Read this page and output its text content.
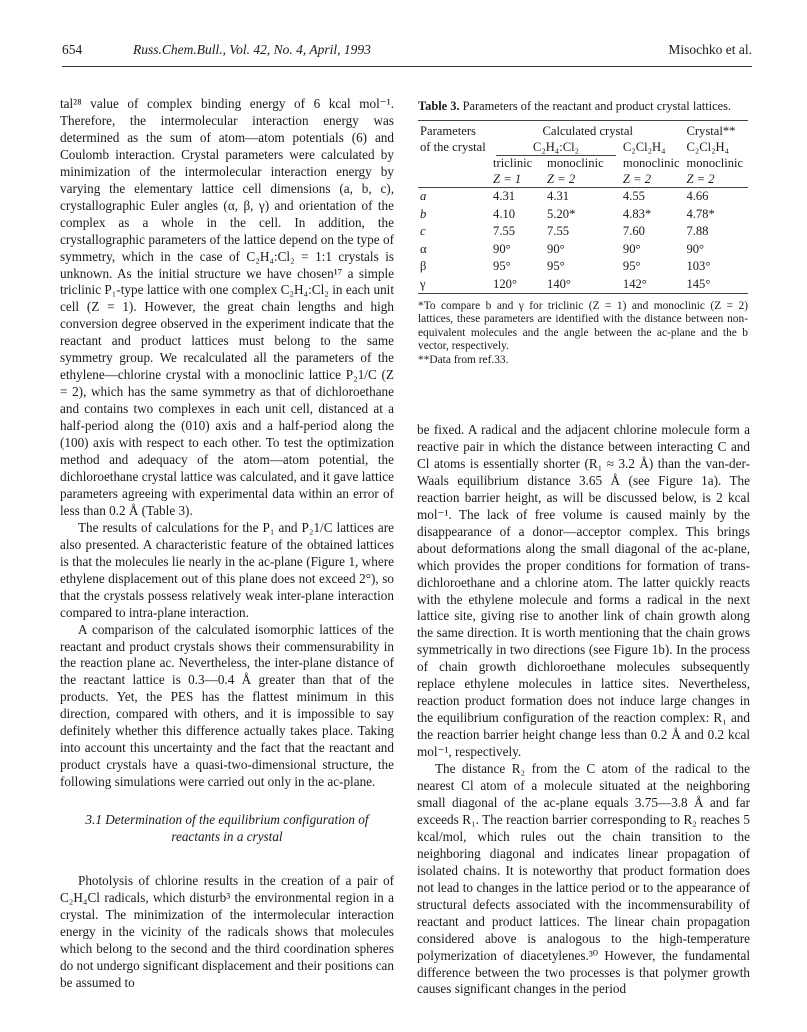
654	Russ.Chem.Bull., Vol. 42, No. 4, April, 1993	Misochko et al.

tal²⁸ value of complex binding energy of 6 kcal mol⁻¹. Therefore, the intermolecular interaction energy was determined as the sum of atom—atom potentials (6) and Coulomb interaction. Crystal parameters were calculated by minimization of the intermolecular interaction energy by varying the elementary lattice cell dimensions (a, b, c), crystallographic Euler angles (α, β, γ) and orientation of the complex as a whole in the cell. In addition, the crystallographic parameters of the lattice depend on the type of symmetry, which in the case of C₂H₄:Cl₂ = 1:1 crystals is unknown. As the initial structure we have chosen¹⁷ a simple triclinic P₁-type lattice with one complex C₂H₄:Cl₂ in each unit cell (Z = 1). However, the great chain lengths and high conversion degree observed in the experiment indicate that the reactant and product lattices must belong to the same symmetry group. We recalculated all the parameters of the ethylene—chlorine crystal with a monoclinic lattice P₂1/C (Z = 2), which has the same symmetry as that of dichloroethane and contains two complexes in each unit cell, distanced at a half-period along the (010) axis and a half-period along the (100) axis with respect to each other. To test the optimization method and adequacy of the atom—atom potential, the dichloroethane crystal lattice was calculated, and it gave lattice parameters agreeing with experimental data within an error of less than 0.2 Å (Table 3).

The results of calculations for the P₁ and P₂1/C lattices are also presented. A characteristic feature of the obtained lattices is that the molecules lie nearly in the ac-plane (Figure 1, where ethylene displacement out of this plane does not exceed 2°), so that the crystals possess relatively weak inter-plane interaction compared to intra-plane interaction.

A comparison of the calculated isomorphic lattices of the reactant and product crystals shows their commensurability in the reaction plane ac. Nevertheless, the inter-plane distance of the reactant lattice is 0.3—0.4 Å greater than that of the products. Yet, the PES has the flattest minimum in this direction, compared with others, and it is impossible to say definitely whether this difference actually takes place. Taking into account this uncertainty and the fact that the reactant and product crystals have a quasi-two-dimensional structure, the following simulations were carried out only in the ac-plane.

3.1 Determination of the equilibrium configuration of reactants in a crystal

Photolysis of chlorine results in the creation of a pair of C₂H₄Cl radicals, which disturb³ the environmental region in a crystal. The minimization of the intermolecular interaction energy in the vicinity of the radicals shows that molecules which belong to the second and the third coordination spheres do not undergo significant displacement and their positions can be assumed to

Table 3. Parameters of the reactant and product crystal lattices.
Parameters	Calculated crystal			Crystal**
of the crystal	C₂H₄:Cl₂		C₂Cl₂H₄	C₂Cl₂H₄
	triclinic	monoclinic	monoclinic	monoclinic
	Z = 1	Z = 2	Z = 2	Z = 2
a	4.31	4.31	4.55	4.66
b	4.10	5.20*	4.83*	4.78*
c	7.55	7.55	7.60	7.88
α	90°	90°	90°	90°
β	95°	95°	95°	103°
γ	120°	140°	142°	145°

*To compare b and γ for triclinic (Z = 1) and monoclinic (Z = 2) lattices, these parameters are identified with the distance between non-equivalent molecules and the angle between the ac-plane and the b vector, respectively.

**Data from ref.33.

be fixed. A radical and the adjacent chlorine molecule form a reactive pair in which the distance between interacting C and Cl atoms is essentially shorter (R₁ ≈ 3.2 Å) than the van-der-Waals equilibrium distance 3.65 Å (see Figure 1a). The reaction barrier height, as will be discussed below, is 2 kcal mol⁻¹. The lack of free volume is caused mainly by the disappearance of a donor—acceptor complex. This brings about deformations along the small diagonal of the ac-plane, which provides the proper conditions for formation of trans-dichloroethane and a chlorine atom. The latter quickly reacts with the ethylene molecule and forms a radical in the next lattice site, giving rise to another link of chain growth along the same direction. It is worth mentioning that the chain grows symmetrically in two directions (see Figure 1b). In the process of chain growth dichloroethane molecules subsequently replace ethylene molecules in lattice sites. Nevertheless, reaction product formation does not induce large changes in the equilibrium configuration of the reaction complex: R₁ and the reaction barrier height change less than 0.2 Å and 0.2 kcal mol⁻¹, respectively.

The distance R₂ from the C atom of the radical to the nearest Cl atom of a molecule situated at the neighboring small diagonal of the ac-plane equals 3.75—3.8 Å and far exceeds R₁. The reaction barrier corresponding to R₂ reaches 5 kcal/mol, which rules out the chain transition to the neighboring diagonal and indicates linear propagation of isolated chains. It is noteworthy that product formation does not lead to changes in the lattice period or to the appearance of structural defects associated with the incommensurability of reactant and product lattices. The linear chain propagation considered above is analogous to the high-temperature polymerization of diacetylenes.³⁰ However, the fundamental difference between the two processes is that polymer growth causes significant changes in the period
